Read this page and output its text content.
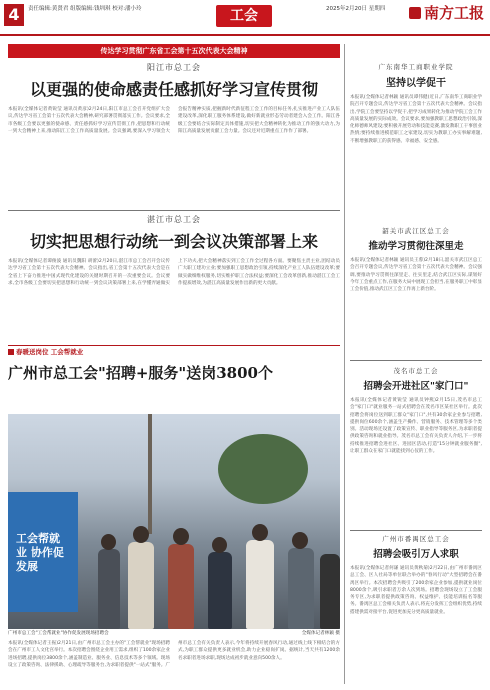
4	责任编辑:黄贤君 组版编辑:钱圳琪 校对:潘小玲	工会	2025年2月20日 星期四	南方工报
传达学习贯彻广东省工会第十五次代表大会精神
阳江市总工会
以更强的使命感责任感抓好学习宣传贯彻
本报讯(全媒体记者黄锐莹 通讯员黄彦)2月24日,阳江市总工会召开党组扩大会议,传达学习省工会第十五次代表大会精神,研究部署贯彻落实工作。会议要求,全市各级工会要以更强的使命感、责任感抓好学习宣传贯彻工作,把思想和行动统一到大会精神上来,推动阳江工会工作高质量发展。会议强调,要深入学习领会大会报告精神实质,把握新时代新征程工会工作的目标任务,扎实推进产业工人队伍建设改革,深化职工服务体系建设,做好新就业形态劳动者建会入会工作。阳江各级工会要结合实际制定具体措施,切实把大会精神转化为推动工作的强大动力,为阳江高质量发展贡献工会力量。会议还对近期重点工作作了部署。
湛江市总工会
切实把思想行动统一到会议决策部署上来
本报讯(全媒体记者谭俊波 通讯员魏阳 胡蕾)2月20日,湛江市总工会召开会议传达学习省工会第十五次代表大会精神。会议指出,省工会第十五次代表大会是在全省上下奋力推进中国式现代化建设的关键时期召开的一次重要会议。会议要求,全市各级工会要切实把思想和行动统一到会议决策部署上来,在学懂弄通做实上下功夫,把大会精神落实到工会工作全过程各方面。要聚焦主责主业,团结动员广大职工建功立业;要加强职工思想政治引领,持续深化产业工人队伍建设改革;要做实做细维权服务,切实维护职工合法权益;要深化工会改革创新,推动湛江工会工作提质增效,为湛江高质量发展作出新的更大贡献。
春暖送岗位 工会帮就业
广州市总工会"招聘+服务"送岗3800个
工会帮就业 协作促发展
广州市总工会"工会帮就业"协作促发展现场招聘会	全媒体记者林颖 摄
本报讯(全媒体记者王振)2月21日,由广州市总工会主办的"工会帮就业"现场招聘会在广州市工人文化宫举行。本次招聘会围绕企业用工需求,组织了100余家企业进场招聘,提供岗位3800余个,涵盖制造业、服务业、信息技术等多个领域。现场设立了政策咨询、法律援助、心理疏导等服务台,为求职者提供"一站式"服务。广州市总工会有关负责人表示,今年将持续开展春风行动,通过线上线下相结合的方式,为职工群众提供更多就业机会,助力企业稳岗扩岗。据统计,当天共有1200余名求职者进场求职,现场达成初步就业意向500余人。
广东南华工商职业学院
坚持以学促干
本报讯(全媒体记者林颖 通讯员谭伟健)近日,广东南华工商职业学院召开专题会议,传达学习省工会第十五次代表大会精神。会议指出,学院工会要坚持以学促干,把学习成果转化为推动学院工会工作高质量发展的实际成效。会议要求,要加强教职工思想政治引领,深化师德师风建设;要积极开展劳动和技能竞赛,激发教职工干事创业热情;要持续推进模范职工之家建设,切实为教职工办实事解难题,不断增强教职工的获得感、幸福感、安全感。
韶关市武江区总工会
推动学习贯彻往深里走
本报讯(全媒体记者林颖 通讯员王蓉)2月18日,韶关市武江区总工会召开专题会议,传达学习省工会第十五次代表大会精神。会议强调,要推动学习贯彻往深里走、往实里走,结合武江区实际,谋划好今年工会重点工作,在服务大局中展现工会担当,在服务职工中彰显工会价值,推动武江区工会工作再上新台阶。
茂名市总工会
招聘会开进社区"家门口"
本报讯(全媒体记者黄锐莹 通讯员钟燕)2月15日,茂名市总工会"家门口"就业服务一站式招聘会在茂名市区某社区举行。此次招聘会将岗位送到职工群众"家门口",共有30余家企业参与招聘,提供岗位600余个,涵盖生产操作、营销服务、技术管理等多个类别。活动现场还设置了政策宣传、职业指导等服务区,为求职者提供政策咨询和就业指导。茂名市总工会有关负责人介绍,下一步将持续推进招聘会进社区、进园区活动,打造"15分钟就业服务圈",让职工群众在家门口就能找到心仪的工作。
广州市番禺区总工会
招聘会吸引万人求职
本报讯(全媒体记者何谦 通讯员黄秋菊)2月22日,由广州市番禺区总工会、区人社局等单位联合举办的"春风行动"大型招聘会在番禺区举行。本次招聘会共吸引了200余家企业参加,提供就业岗位8000余个,吸引求职者万余人次到场。招聘会现场设立了工会服务专区,为求职者提供政策咨询、权益维护、技能培训报名等服务。番禺区总工会相关负责人表示,将充分发挥工会组织优势,持续搭建供需对接平台,促进更加充分更高质量就业。
